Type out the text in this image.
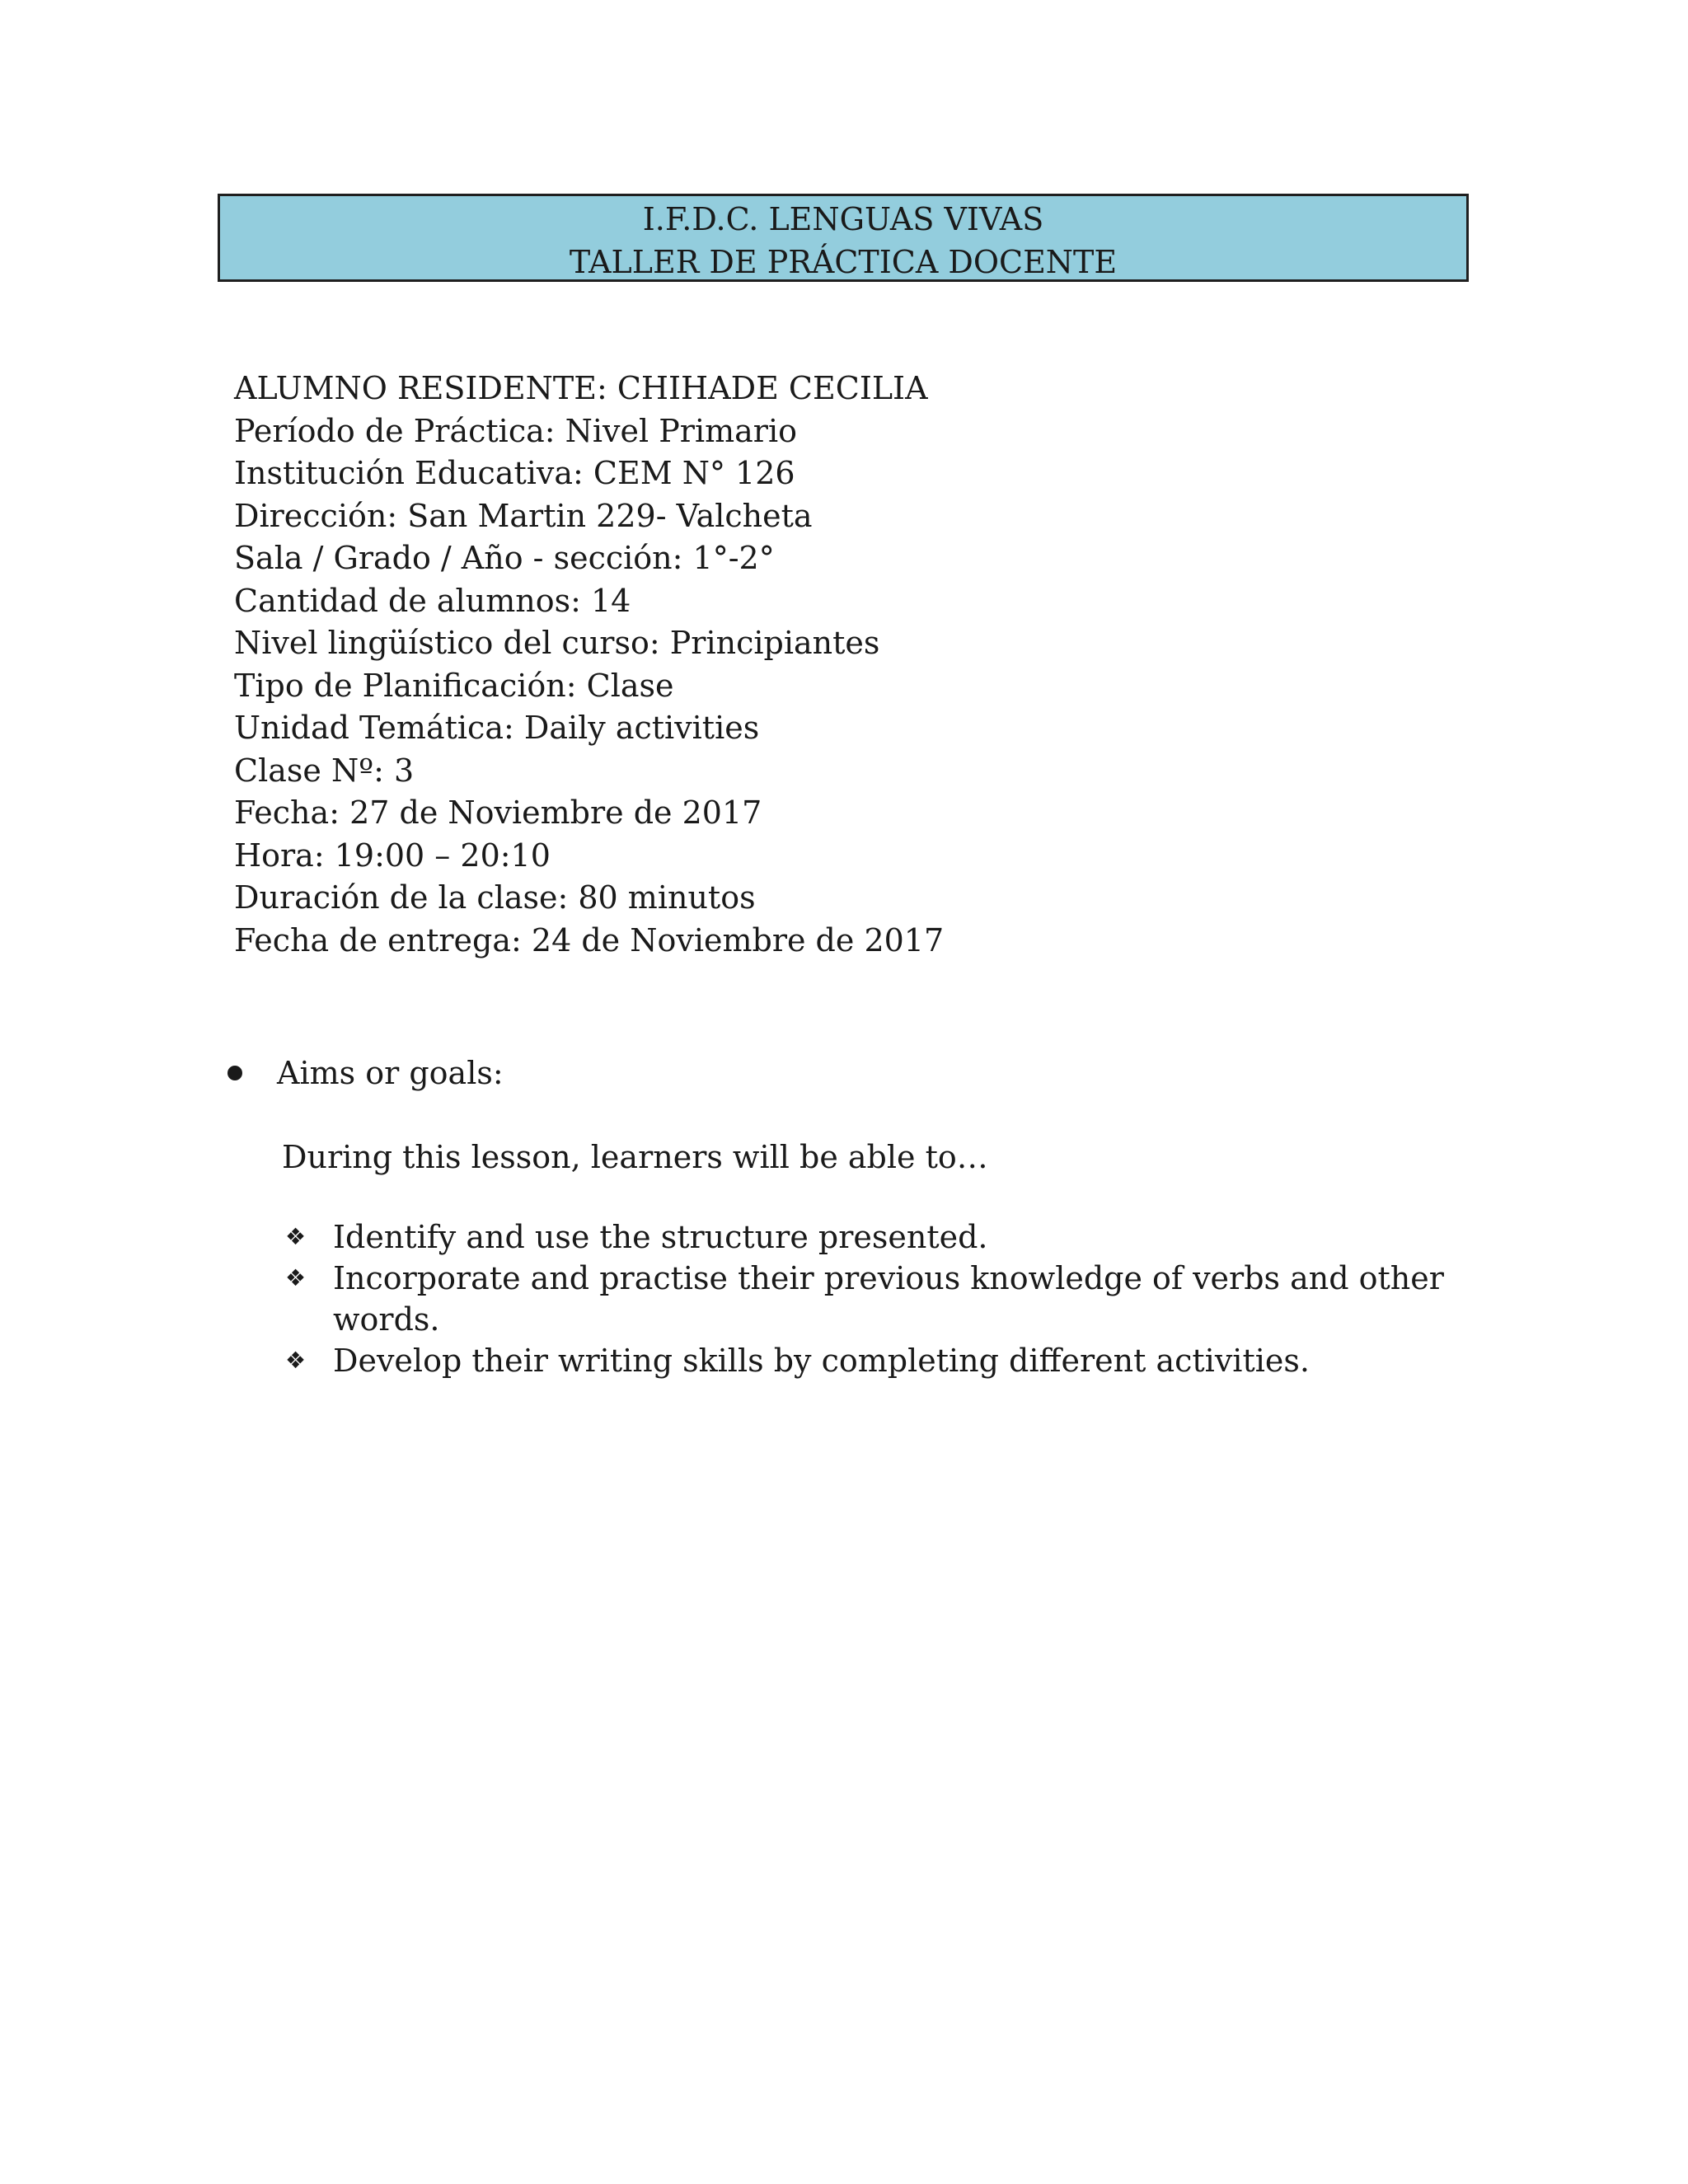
I.F.D.C. LENGUAS VIVAS
TALLER DE PRÁCTICA DOCENTE
ALUMNO RESIDENTE: CHIHADE CECILIA
Período de Práctica: Nivel Primario
Institución Educativa: CEM N° 126
Dirección: San Martin 229- Valcheta
Sala / Grado / Año - sección: 1°-2°
Cantidad de alumnos: 14
Nivel lingüístico del curso: Principiantes
Tipo de Planificación: Clase
Unidad Temática: Daily activities
Clase Nº: 3
Fecha: 27 de Noviembre de 2017
Hora: 19:00 – 20:10
Duración de la clase: 80 minutos
Fecha de entrega: 24 de Noviembre de 2017
Aims or goals:
During this lesson, learners will be able to…
❖ Identify and use the structure presented.
❖ Incorporate and practise their previous knowledge of verbs and other words.
❖ Develop their writing skills by completing different activities.
